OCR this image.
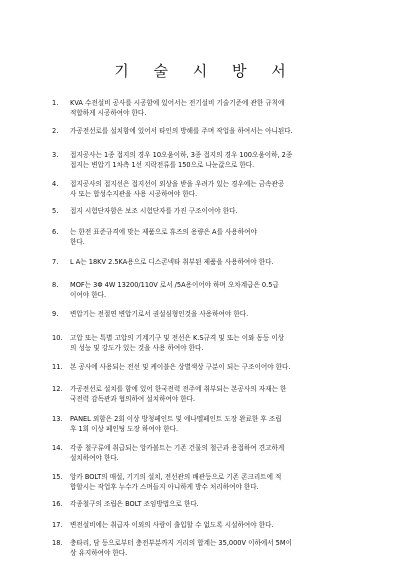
기 술 시 방 서
1. KVA 수전설비 공사를 시공함에 있어서는 전기설비 기술기준에 관한 규칙에
적합하게 시공하여야 한다.
2. 가공전선로를 설치함에 있어서 타인의 방해를 주며 작업을 하여서는 아니된다.
3. 접지공사는 1종 접지의 경우 10오움이하, 3종 접지의 경우 100오움이하, 2종
접지는 변압기 1차측 1선 지락전류를 150으로 나눈값으로 한다.
4. 접지공사의 접지선은 접지선이 외상을 받을 우려가 있는 경우에는 금속관공
사 또는 합성수지관을 사용 시공하여야 한다.
5. 접지 시험단자함은 보조 시험단자를 가진 구조이어야 한다.
6. 는 한전 표준규격에 맞는 제품으로 휴즈의 용량은 A를 사용하여야
한다.
7. L A는 18KV 2.5KA용으로 디스콘넥타 취부된 제품을 사용하여야 한다.
8. MOF는 3Φ 4W 13200/110V 로서 /5A용이어야 하며 오차계급은 0.5급
이여야 한다.
9. 변압기는 전절연 변압기로서 권설심형인것을 사용하여야 한다.
10. 고압 또는 특별 고압의 기계기구 및 전선은 K.S규격 및 또는 이와 동등 이상
의 성능 및 강도가 있는 것을 사용 하여야 한다.
11. 본 공사에 사용되는 전선 및 케이블은 상별색상 구분이 되는 구조이어야 한다.
12. 가공전선로 설치를 함에 있어 한국전력 전주에 취부되는 본공사의 자재는 한
국전력 감독관과 협의하여 설치하여야 한다.
13. PANEL 외함은 2회 이상 방청페인트 및 에나멜페인트 도장 완료한 후 조립
후 1회 이상 페인팅 도장 하여야 한다.
14. 각종 철구류에 취급되는 앙카볼트는 기존 건물의 철근과 용접하여 견고하게
설치하여야 한다.
15. 앙카 BOLT의 매설, 기기의 설치, 전선관의 배관등으로 기존 콘크리트에 적
합할시는 작업후 누수가 스며들지 아니하게 방수 처리하여야 한다.
16. 각종철구의 조립은 BOLT 조임방법으로 한다.
17. 변전설비에는 취급자 이외의 사람이 출입할 수 없도록 시설하여야 한다.
18. 충타리, 담 등으로부터 충전부분까지 거리의 합계는 35,000V 이하에서 5M이
상 유지하여야 한다.
